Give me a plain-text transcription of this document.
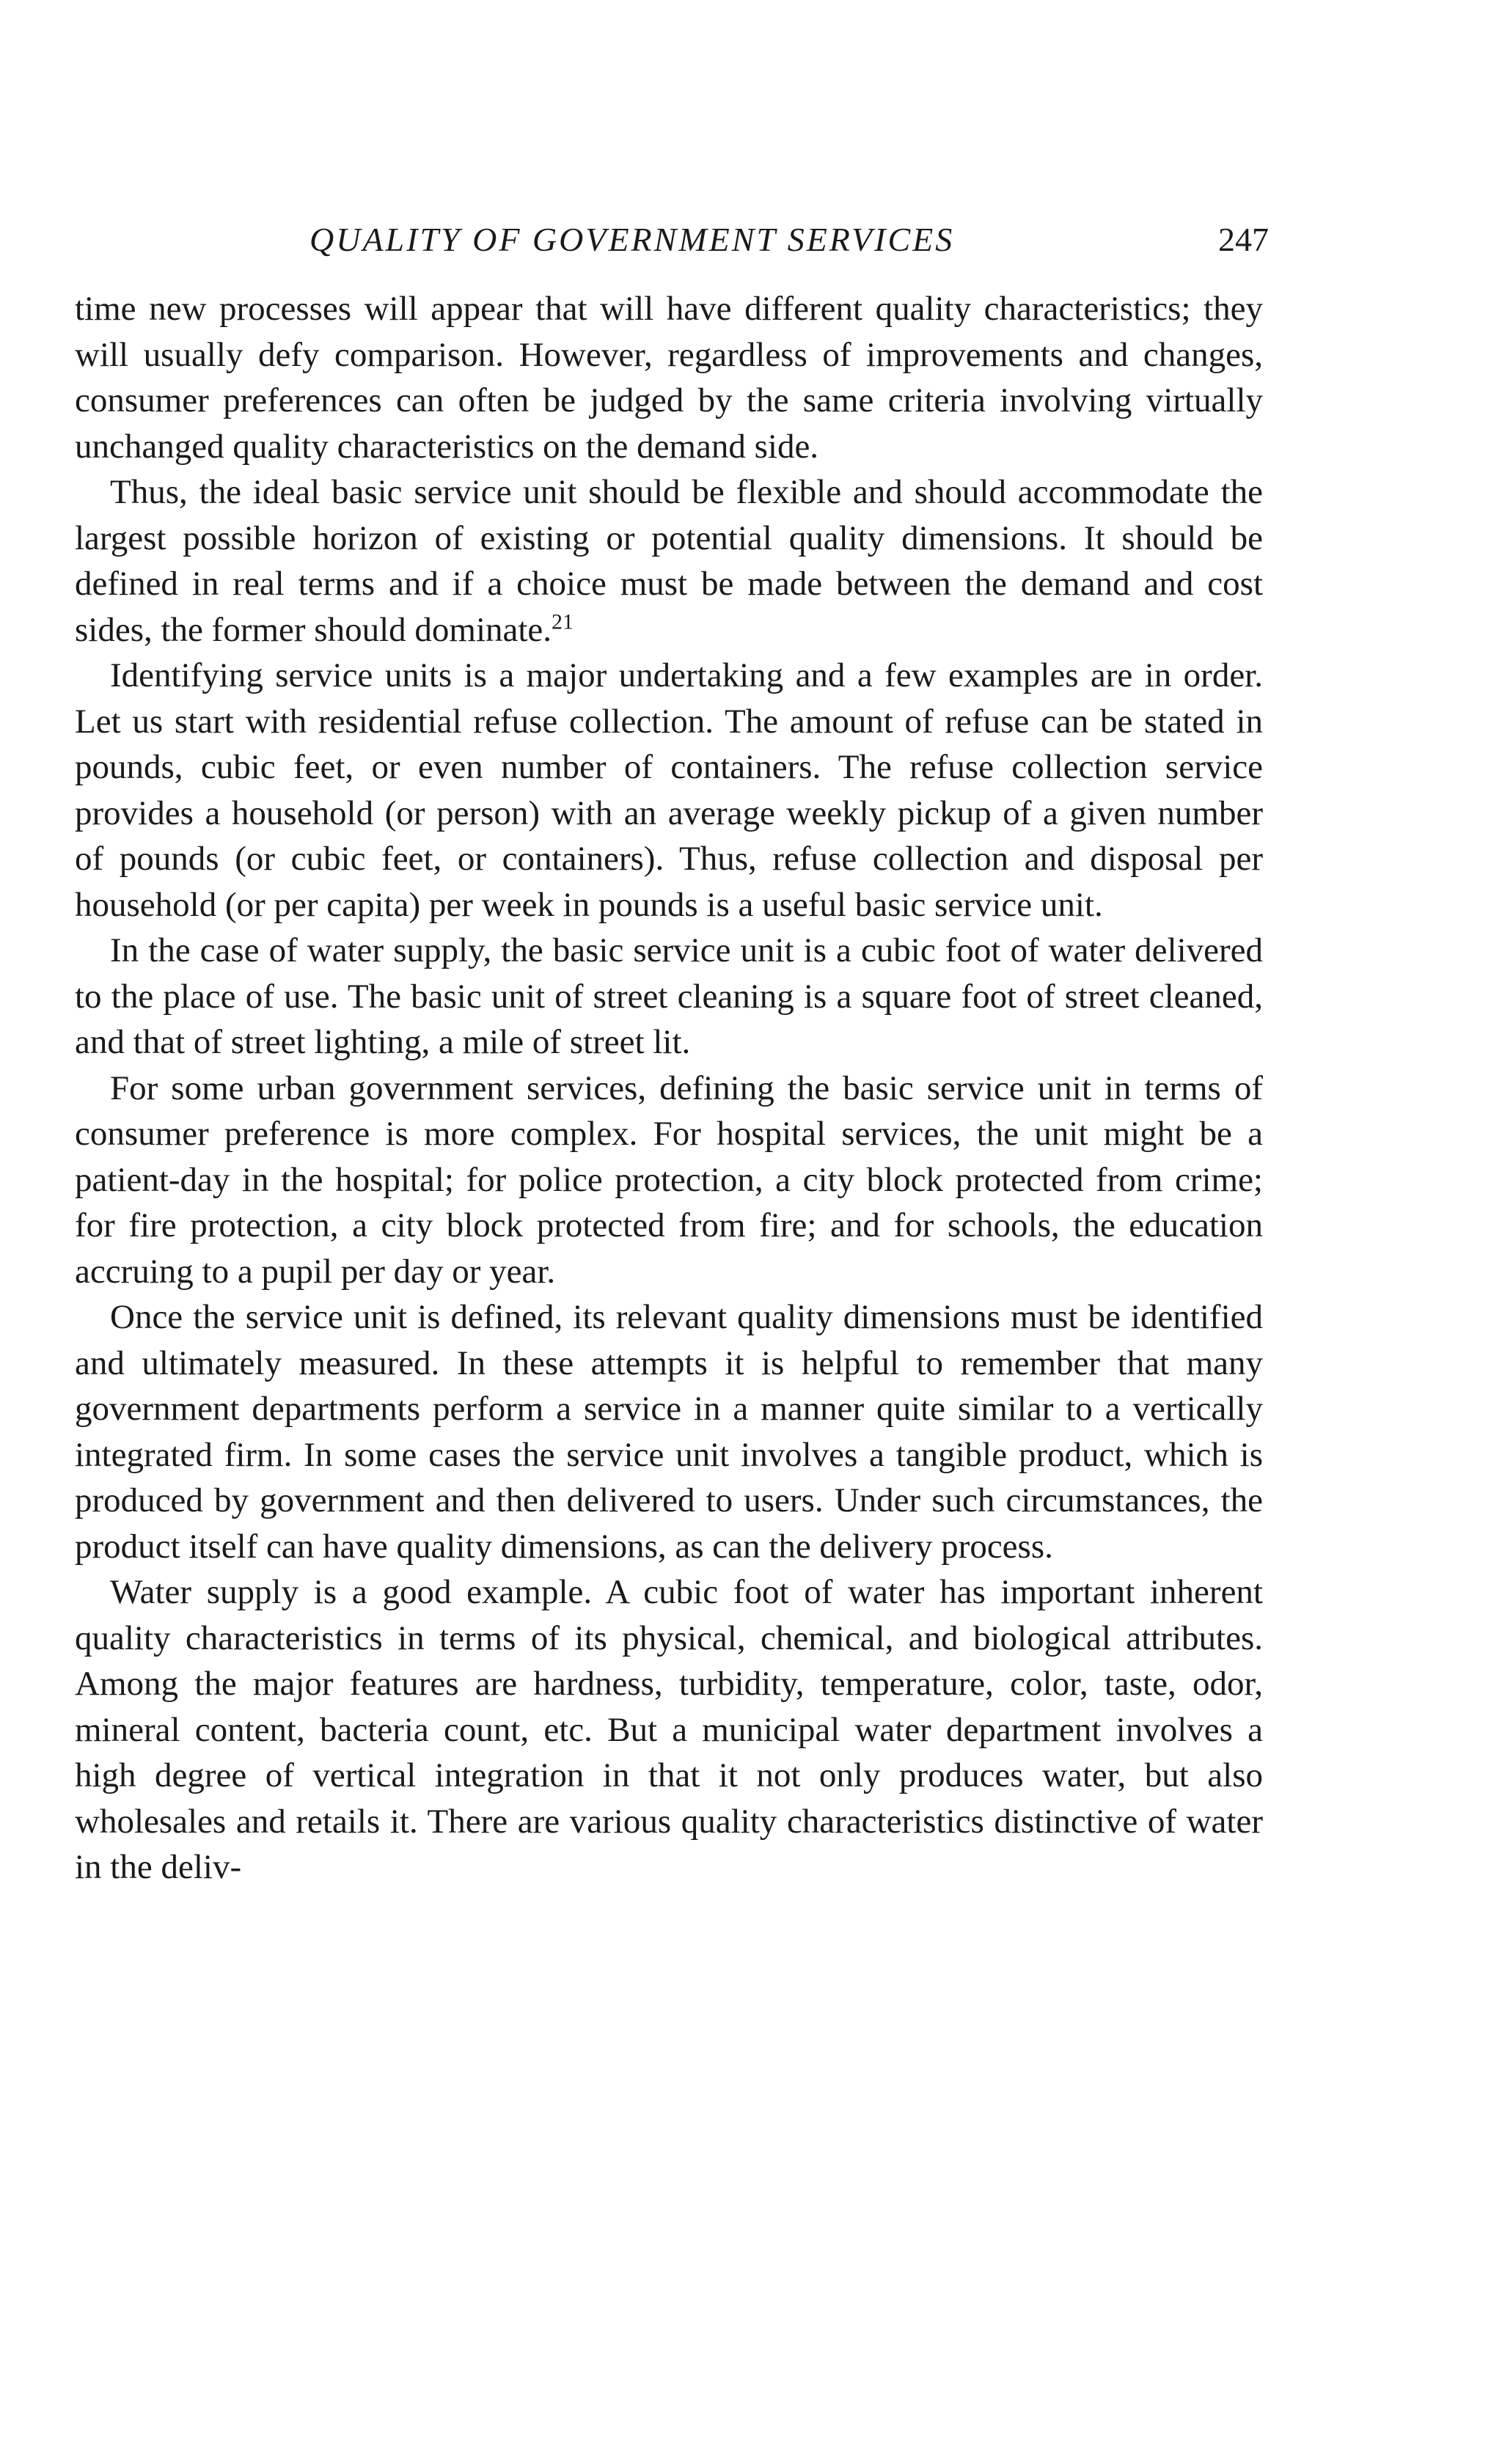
QUALITY OF GOVERNMENT SERVICES	247

time new processes will appear that will have different quality characteristics; they will usually defy comparison. However, regardless of improvements and changes, consumer preferences can often be judged by the same criteria involving virtually unchanged quality characteristics on the demand side.

Thus, the ideal basic service unit should be flexible and should accommodate the largest possible horizon of existing or potential quality dimensions. It should be defined in real terms and if a choice must be made between the demand and cost sides, the former should dominate.$^{21}$

Identifying service units is a major undertaking and a few examples are in order. Let us start with residential refuse collection. The amount of refuse can be stated in pounds, cubic feet, or even number of containers. The refuse collection service provides a household (or person) with an average weekly pickup of a given number of pounds (or cubic feet, or containers). Thus, refuse collection and disposal per household (or per capita) per week in pounds is a useful basic service unit.

In the case of water supply, the basic service unit is a cubic foot of water delivered to the place of use. The basic unit of street cleaning is a square foot of street cleaned, and that of street lighting, a mile of street lit.

For some urban government services, defining the basic service unit in terms of consumer preference is more complex. For hospital services, the unit might be a patient-day in the hospital; for police protection, a city block protected from crime; for fire protection, a city block protected from fire; and for schools, the education accruing to a pupil per day or year.

Once the service unit is defined, its relevant quality dimensions must be identified and ultimately measured. In these attempts it is helpful to remember that many government departments perform a service in a manner quite similar to a vertically integrated firm. In some cases the service unit involves a tangible product, which is produced by government and then delivered to users. Under such circumstances, the product itself can have quality dimensions, as can the delivery process.

Water supply is a good example. A cubic foot of water has important inherent quality characteristics in terms of its physical, chemical, and biological attributes. Among the major features are hardness, turbidity, temperature, color, taste, odor, mineral content, bacteria count, etc. But a municipal water department involves a high degree of vertical integration in that it not only produces water, but also wholesales and retails it. There are various quality characteristics distinctive of water in the deliv-
